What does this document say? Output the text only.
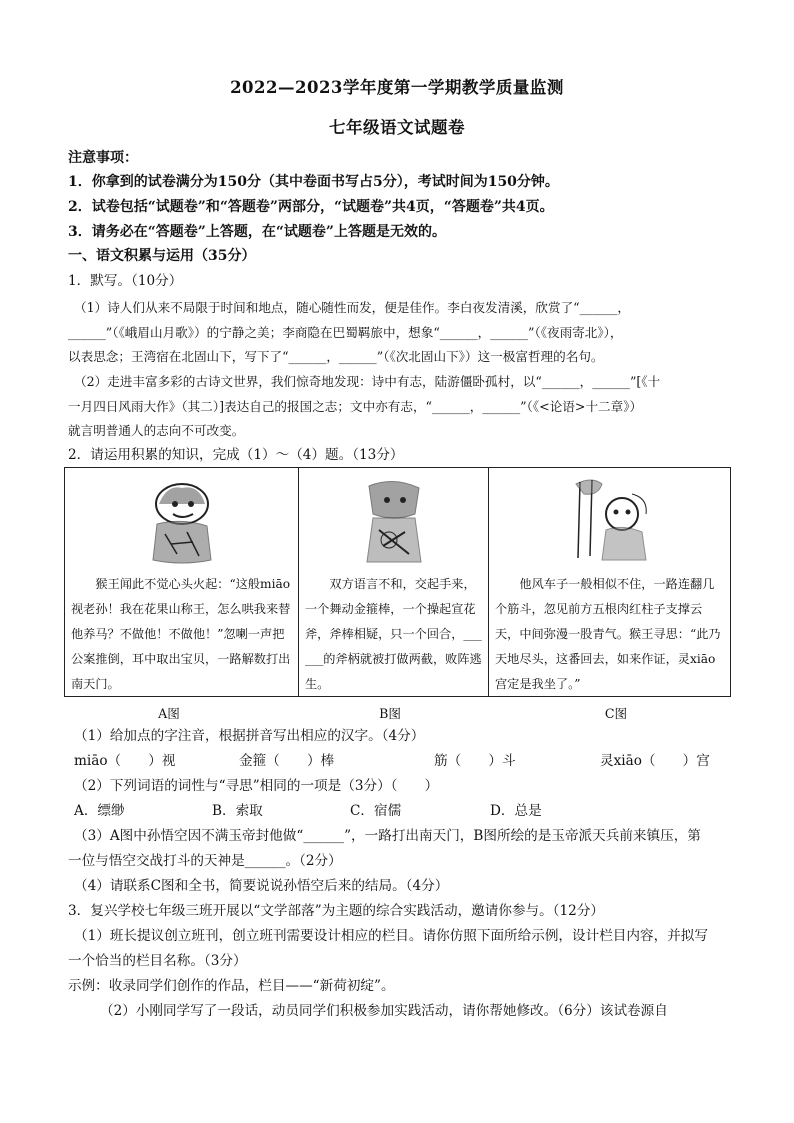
2022—2023学年度第一学期教学质量监测
七年级语文试题卷
注意事项：
1．你拿到的试卷满分为150分（其中卷面书写占5分），考试时间为150分钟。
2．试卷包括“试题卷”和“答题卷”两部分，“试题卷”共4页，“答题卷”共4页。
3．请务必在“答题卷”上答题，在“试题卷”上答题是无效的。
一、语文积累与运用（35分）
1．默写。（10分）
（1）诗人们从来不局限于时间和地点，随心随性而发，便是佳作。李白夜发清溪，欣赏了“______，
______”（《峨眉山月歌》）的宁静之美；李商隐在巴蜀羁旅中，想象“______，______”（《夜雨寄北》），
以表思念；王湾宿在北固山下，写下了“______，______”（《次北固山下》）这一极富哲理的名句。
（2）走进丰富多彩的古诗文世界，我们惊奇地发现：诗中有志，陆游僵卧孤村，以“______，______”[《十
一月四日风雨大作》（其二）]表达自己的报国之志；文中亦有志，“______，______”（《<论语>十二章》）
就言明普通人的志向不可改变。
2．请运用积累的知识，完成（1）～（4）题。（13分）

猴王闻此不觉心头火起：“这般miāo视老孙！我在花果山称王，怎么哄我来替他养马？不做他！不做他！”忽喇一声把公案推倒，耳中取出宝贝，一路解数打出南天门。

双方语言不和，交起手来，一个舞动金箍棒，一个操起宣花斧，斧棒相疑，只一个回合，______的斧柄就被打做两截，败阵逃生。

他风车子一般相似不住，一路连翻几个筋斗，忽见前方五根肉红柱子支撑云天，中间弥漫一股青气。猴王寻思：“此乃天地尽头，这番回去，如来作证，灵xiāo宫定是我坐了。”

A图	B图	C图
（1）给加点的字注音，根据拼音写出相应的汉字。（4分）
miāo（　　）视	金箍（　　）棒	筋（　　）斗	灵xiāo（　　）宫
（2）下列词语的词性与“寻思”相同的一项是（3分）（　　）
A．缥缈	B．索取	C．宿儒	D．总是
（3）A图中孙悟空因不满玉帝封他做“______”，一路打出南天门，B图所绘的是玉帝派天兵前来镇压，第
一位与悟空交战打斗的天神是______。（2分）
（4）请联系C图和全书，简要说说孙悟空后来的结局。（4分）
3．复兴学校七年级三班开展以“文学部落”为主题的综合实践活动，邀请你参与。（12分）
（1）班长提议创立班刊，创立班刊需要设计相应的栏目。请你仿照下面所给示例，设计栏目内容，并拟写
一个恰当的栏目名称。（3分）
示例：收录同学们创作的作品，栏目——“新荷初绽”。
（2）小刚同学写了一段话，动员同学们积极参加实践活动，请你帮她修改。（6分）该试卷源自
